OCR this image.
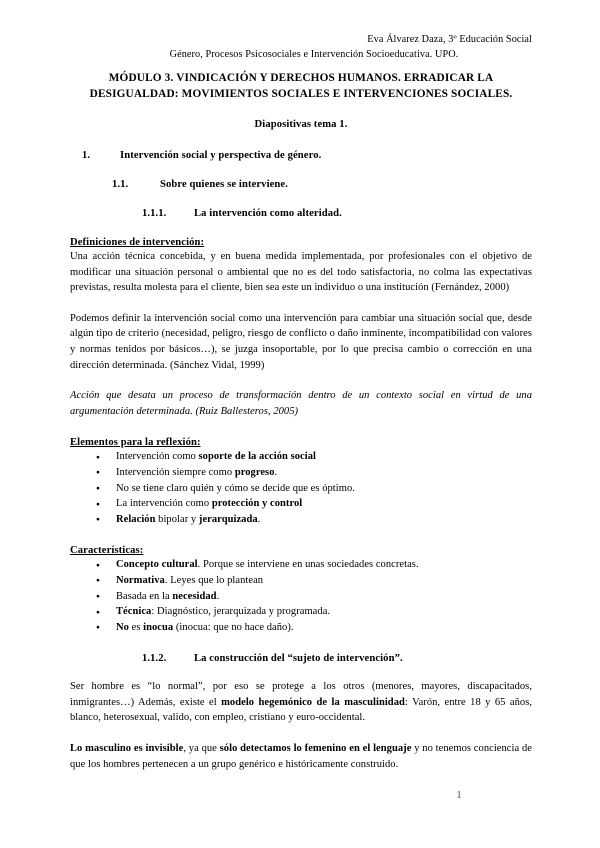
Eva Álvarez Daza, 3º Educación Social
Género, Procesos Psicosociales e Intervención Socioeducativa. UPO.
MÓDULO 3. VINDICACIÓN Y DERECHOS HUMANOS. ERRADICAR LA
DESIGUALDAD: MOVIMIENTOS SOCIALES E INTERVENCIONES SOCIALES.
Diapositivas tema 1.
1.	Intervención social y perspectiva de género.
1.1.	Sobre quienes se interviene.
1.1.1.	La intervención como alteridad.
Definiciones de intervención:

Una acción técnica concebida, y en buena medida implementada, por profesionales con el objetivo de modificar una situación personal o ambiental que no es del todo satisfactoria, no colma las expectativas previstas, resulta molesta para el cliente, bien sea este un individuo o una institución (Fernández, 2000)

Podemos definir la intervención social como una intervención para cambiar una situación social que, desde algún tipo de criterio (necesidad, peligro, riesgo de conflicto o daño inminente, incompatibilidad con valores y normas tenidos por básicos…), se juzga insoportable, por lo que precisa cambio o corrección en una dirección determinada. (Sánchez Vidal, 1999)

Acción que desata un proceso de transformación dentro de un contexto social en virtud de una argumentación determinada. (Ruiz Ballesteros, 2005)

Elementos para la reflexión:
● Intervención como soporte de la acción social
● Intervención siempre como progreso.
● No se tiene claro quién y cómo se decide que es óptimo.
● La intervención como protección y control
● Relación bipolar y jerarquizada.
Características:
● Concepto cultural. Porque se interviene en unas sociedades concretas.
● Normativa. Leyes que lo plantean
● Basada en la necesidad.
● Técnica: Diagnóstico, jerarquizada y programada.
● No es inocua (inocua: que no hace daño).
1.1.2.	La construcción del “sujeto de intervención”.

Ser hombre es “lo normal”, por eso se protege a los otros (menores, mayores, discapacitados, inmigrantes…) Además, existe el modelo hegemónico de la masculinidad: Varón, entre 18 y 65 años, blanco, heterosexual, valido, con empleo, cristiano y euro-occidental.

Lo masculino es invisible, ya que sólo detectamos lo femenino en el lenguaje y no tenemos conciencia de que los hombres pertenecen a un grupo genérico e históricamente construido.

1
